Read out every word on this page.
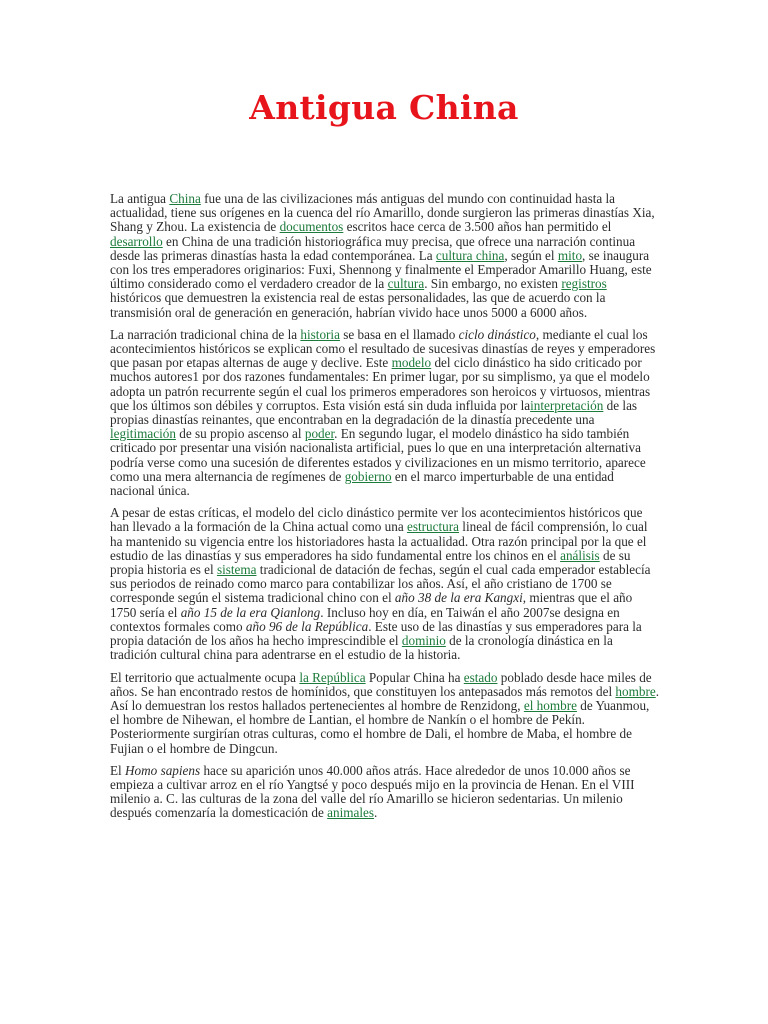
Antigua China

La antigua China fue una de las civilizaciones más antiguas del mundo con continuidad hasta la actualidad, tiene sus orígenes en la cuenca del río Amarillo, donde surgieron las primeras dinastías Xia, Shang y Zhou. La existencia de documentos escritos hace cerca de 3.500 años han permitido el desarrollo en China de una tradición historiográfica muy precisa, que ofrece una narración continua desde las primeras dinastías hasta la edad contemporánea. La cultura china, según el mito, se inaugura con los tres emperadores originarios: Fuxi, Shennong y finalmente el Emperador Amarillo Huang, este último considerado como el verdadero creador de la cultura. Sin embargo, no existen registros históricos que demuestren la existencia real de estas personalidades, las que de acuerdo con la transmisión oral de generación en generación, habrían vivido hace unos 5000 a 6000 años.

La narración tradicional china de la historia se basa en el llamado ciclo dinástico, mediante el cual los acontecimientos históricos se explican como el resultado de sucesivas dinastías de reyes y emperadores que pasan por etapas alternas de auge y declive. Este modelo del ciclo dinástico ha sido criticado por muchos autores1 por dos razones fundamentales: En primer lugar, por su simplismo, ya que el modelo adopta un patrón recurrente según el cual los primeros emperadores son heroicos y virtuosos, mientras que los últimos son débiles y corruptos. Esta visión está sin duda influida por lainterpretación de las propias dinastías reinantes, que encontraban en la degradación de la dinastía precedente una legitimación de su propio ascenso al poder. En segundo lugar, el modelo dinástico ha sido también criticado por presentar una visión nacionalista artificial, pues lo que en una interpretación alternativa podría verse como una sucesión de diferentes estados y civilizaciones en un mismo territorio, aparece como una mera alternancia de regímenes de gobierno en el marco imperturbable de una entidad nacional única.

A pesar de estas críticas, el modelo del ciclo dinástico permite ver los acontecimientos históricos que han llevado a la formación de la China actual como una estructura lineal de fácil comprensión, lo cual ha mantenido su vigencia entre los historiadores hasta la actualidad. Otra razón principal por la que el estudio de las dinastías y sus emperadores ha sido fundamental entre los chinos en el análisis de su propia historia es el sistema tradicional de datación de fechas, según el cual cada emperador establecía sus periodos de reinado como marco para contabilizar los años. Así, el año cristiano de 1700 se corresponde según el sistema tradicional chino con el año 38 de la era Kangxi, mientras que el año 1750 sería el año 15 de la era Qianlong. Incluso hoy en día, en Taiwán el año 2007se designa en contextos formales como año 96 de la República. Este uso de las dinastías y sus emperadores para la propia datación de los años ha hecho imprescindible el dominio de la cronología dinástica en la tradición cultural china para adentrarse en el estudio de la historia.

El territorio que actualmente ocupa la República Popular China ha estado poblado desde hace miles de años. Se han encontrado restos de homínidos, que constituyen los antepasados más remotos del hombre. Así lo demuestran los restos hallados pertenecientes al hombre de Renzidong, el hombre de Yuanmou, el hombre de Nihewan, el hombre de Lantian, el hombre de Nankín o el hombre de Pekín. Posteriormente surgirían otras culturas, como el hombre de Dali, el hombre de Maba, el hombre de Fujian o el hombre de Dingcun.

El Homo sapiens hace su aparición unos 40.000 años atrás. Hace alrededor de unos 10.000 años se empieza a cultivar arroz en el río Yangtsé y poco después mijo en la provincia de Henan. En el VIII milenio a. C. las culturas de la zona del valle del río Amarillo se hicieron sedentarias. Un milenio después comenzaría la domesticación de animales.
